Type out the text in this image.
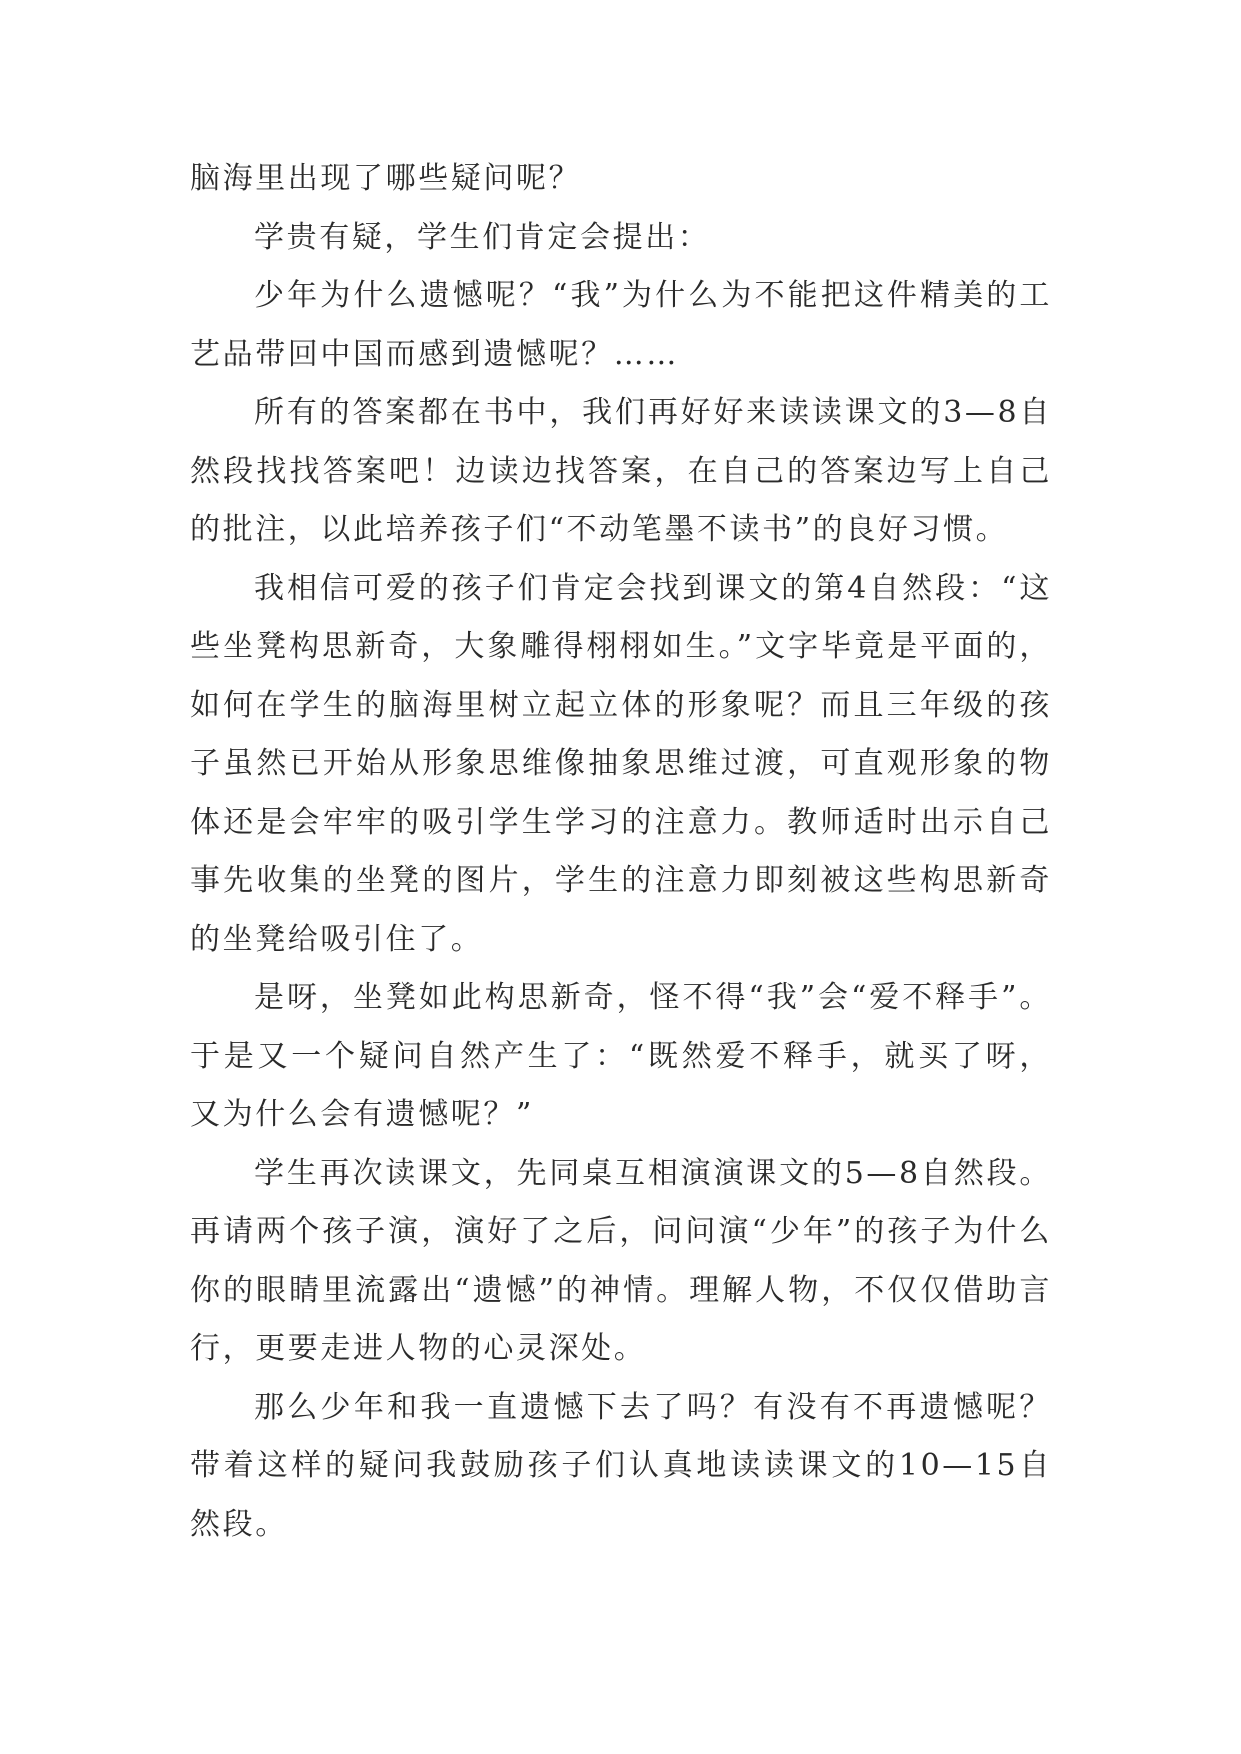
脑海里出现了哪些疑问呢？

学贵有疑，学生们肯定会提出：

少年为什么遗憾呢？“我”为什么为不能把这件精美的工艺品带回中国而感到遗憾呢？……

所有的答案都在书中，我们再好好来读读课文的3—8自然段找找答案吧！边读边找答案，在自己的答案边写上自己的批注，以此培养孩子们“不动笔墨不读书”的良好习惯。

我相信可爱的孩子们肯定会找到课文的第4自然段：“这些坐凳构思新奇，大象雕得栩栩如生。”文字毕竟是平面的，如何在学生的脑海里树立起立体的形象呢？而且三年级的孩子虽然已开始从形象思维像抽象思维过渡，可直观形象的物体还是会牢牢的吸引学生学习的注意力。教师适时出示自己事先收集的坐凳的图片，学生的注意力即刻被这些构思新奇的坐凳给吸引住了。

是呀，坐凳如此构思新奇，怪不得“我”会“爱不释手”。于是又一个疑问自然产生了：“既然爱不释手，就买了呀，又为什么会有遗憾呢？”

学生再次读课文，先同桌互相演演课文的5—8自然段。再请两个孩子演，演好了之后，问问演“少年”的孩子为什么你的眼睛里流露出“遗憾”的神情。理解人物，不仅仅借助言行，更要走进人物的心灵深处。

那么少年和我一直遗憾下去了吗？有没有不再遗憾呢？带着这样的疑问我鼓励孩子们认真地读读课文的10—15自然段。
